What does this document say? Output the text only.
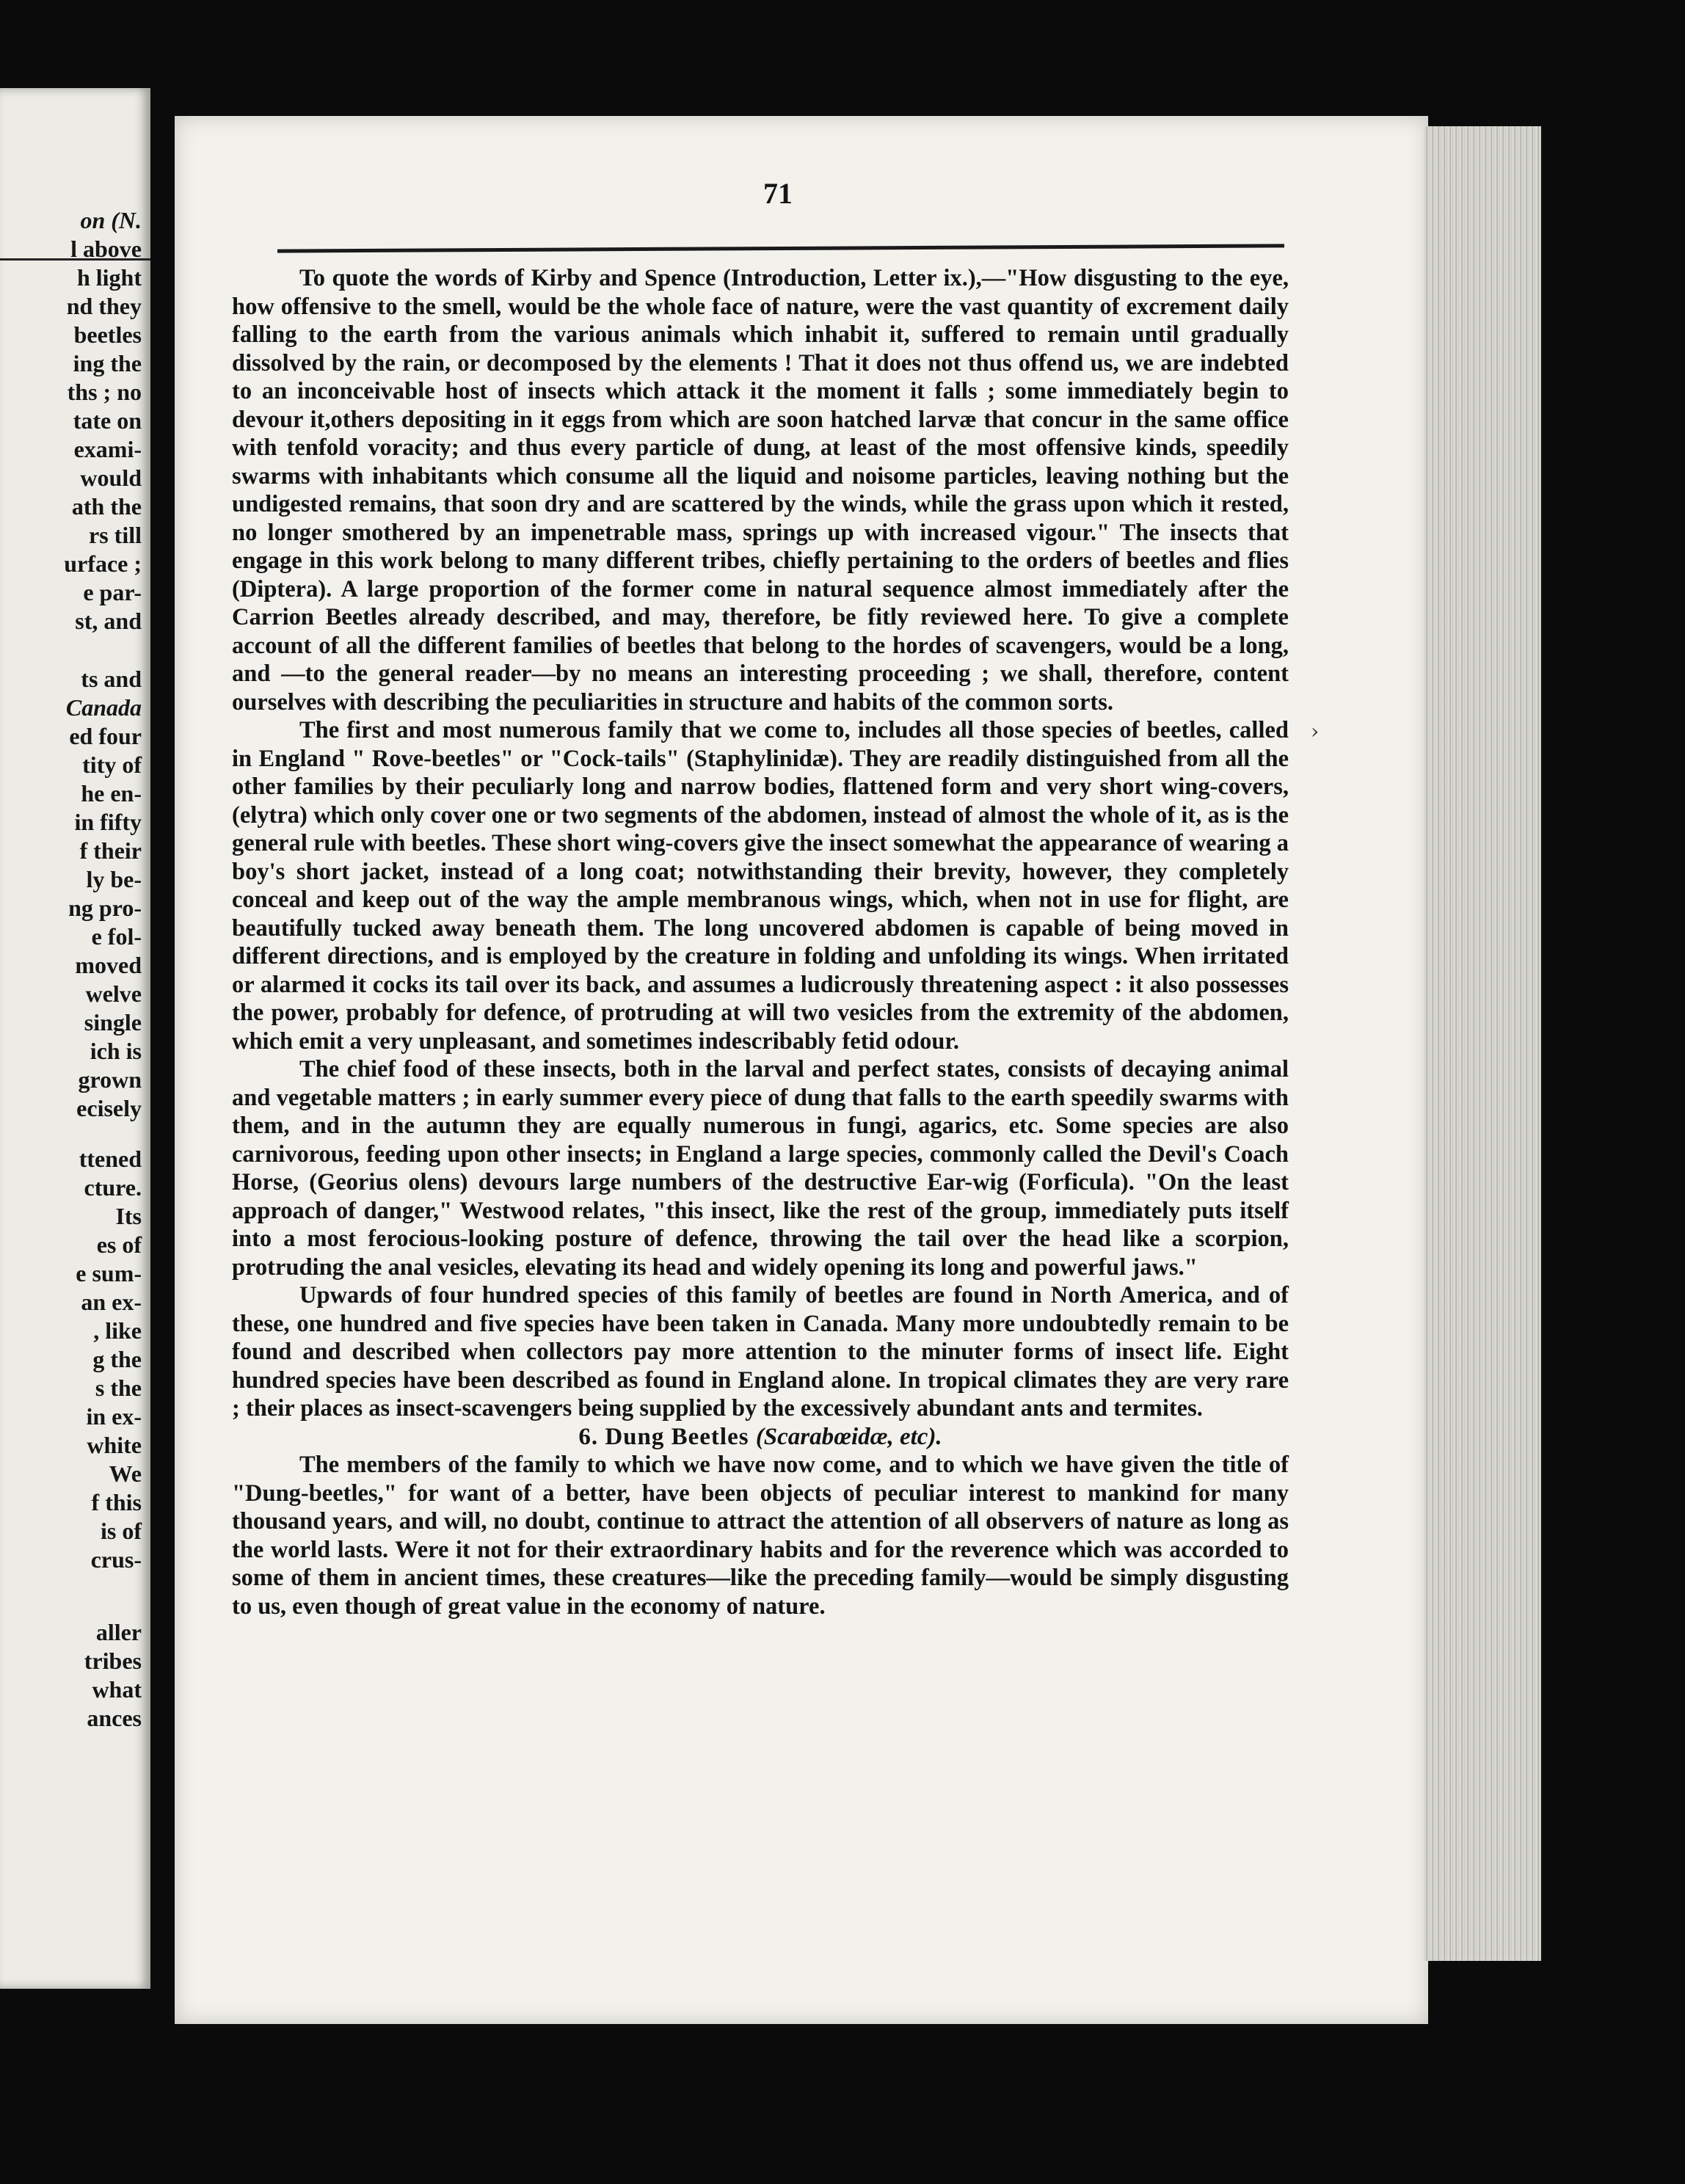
on (N.
l above
h light
nd they
beetles
ing the
ths ; no
tate on
exami-
would
ath the
rs till
urface ;
e par-
st, and
ts and
Canada
ed four
tity of
he en-
in fifty
f their
ly be-
ng pro-
e fol-
moved
welve
single
ich is
grown
ecisely
ttened
cture.
Its
es of
e sum-
an ex-
, like
g the
s the
in ex-
white
We
f this
is of
crus-
aller
tribes
what
ances
71

To quote the words of Kirby and Spence (Introduction, Letter ix.),—"How disgusting to the eye, how offensive to the smell, would be the whole face of nature, were the vast quantity of excrement daily falling to the earth from the various animals which inhabit it, suffered to remain until gradually dissolved by the rain, or decomposed by the elements ! That it does not thus offend us, we are indebted to an inconceivable host of insects which attack it the moment it falls ; some immediately begin to devour it,others depositing in it eggs from which are soon hatched larvæ that concur in the same office with tenfold voracity; and thus every particle of dung, at least of the most offensive kinds, speedily swarms with inhabitants which consume all the liquid and noisome particles, leaving nothing but the undigested remains, that soon dry and are scattered by the winds, while the grass upon which it rested, no longer smothered by an impenetrable mass, springs up with increased vigour." The insects that engage in this work belong to many different tribes, chiefly pertaining to the orders of beetles and flies (Diptera). A large proportion of the former come in natural sequence almost immediately after the Carrion Beetles already described, and may, therefore, be fitly reviewed here. To give a complete account of all the different families of beetles that belong to the hordes of scavengers, would be a long, and —to the general reader—by no means an interesting proceeding ; we shall, therefore, content ourselves with describing the peculiarities in structure and habits of the common sorts.

The first and most numerous family that we come to, includes all those species of beetles, called in England " Rove-beetles" or "Cock-tails" (Staphylinidæ). They are readily distinguished from all the other families by their peculiarly long and narrow bodies, flattened form and very short wing-covers, (elytra) which only cover one or two segments of the abdomen, instead of almost the whole of it, as is the general rule with beetles. These short wing-covers give the insect somewhat the appearance of wearing a boy's short jacket, instead of a long coat; notwithstanding their brevity, however, they completely conceal and keep out of the way the ample membranous wings, which, when not in use for flight, are beautifully tucked away beneath them. The long uncovered abdomen is capable of being moved in different directions, and is employed by the creature in folding and unfolding its wings. When irritated or alarmed it cocks its tail over its back, and assumes a ludicrously threatening aspect : it also possesses the power, probably for defence, of protruding at will two vesicles from the extremity of the abdomen, which emit a very unpleasant, and sometimes indescribably fetid odour.

The chief food of these insects, both in the larval and perfect states, consists of decaying animal and vegetable matters ; in early summer every piece of dung that falls to the earth speedily swarms with them, and in the autumn they are equally numerous in fungi, agarics, etc. Some species are also carnivorous, feeding upon other insects; in England a large species, commonly called the Devil's Coach Horse, (Georius olens) devours large numbers of the destructive Ear-wig (Forficula). "On the least approach of danger," Westwood relates, "this insect, like the rest of the group, immediately puts itself into a most ferocious-looking posture of defence, throwing the tail over the head like a scorpion, protruding the anal vesicles, elevating its head and widely opening its long and powerful jaws."

Upwards of four hundred species of this family of beetles are found in North America, and of these, one hundred and five species have been taken in Canada. Many more undoubtedly remain to be found and described when collectors pay more attention to the minuter forms of insect life. Eight hundred species have been described as found in England alone. In tropical climates they are very rare ; their places as insect-scavengers being supplied by the excessively abundant ants and termites.

6. Dung Beetles (Scarabœidæ, etc).

The members of the family to which we have now come, and to which we have given the title of "Dung-beetles," for want of a better, have been objects of peculiar interest to mankind for many thousand years, and will, no doubt, continue to attract the attention of all observers of nature as long as the world lasts. Were it not for their extraordinary habits and for the reverence which was accorded to some of them in ancient times, these creatures—like the preceding family—would be simply disgusting to us, even though of great value in the economy of nature.

›
